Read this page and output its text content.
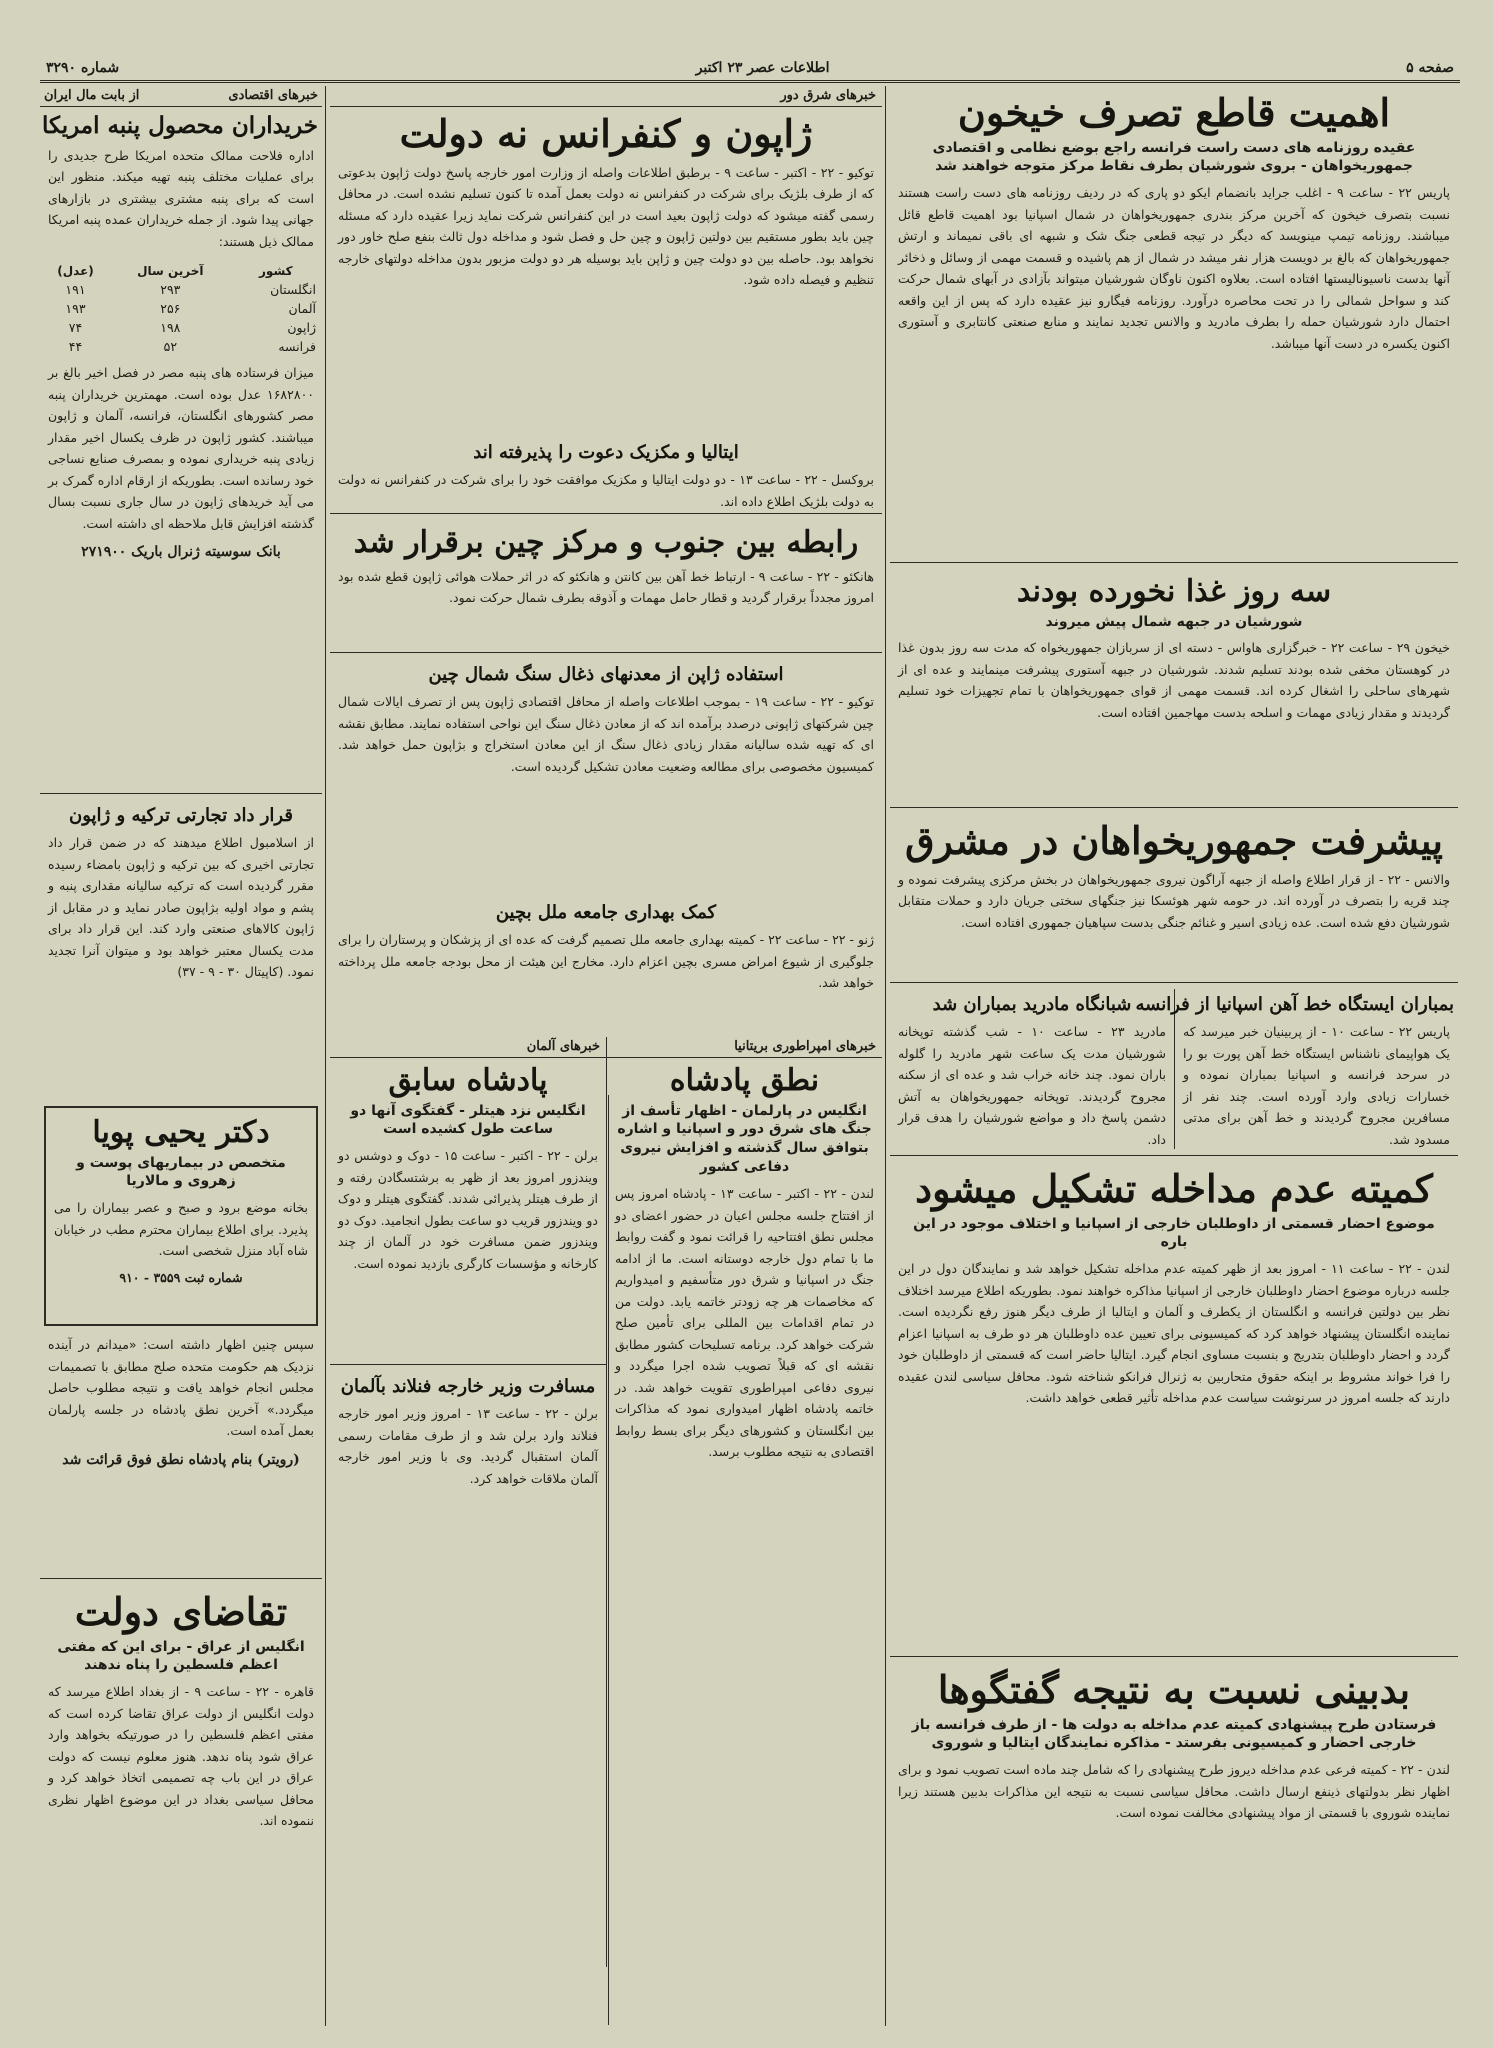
صفحه ۵
اطلاعات عصر ۲۳ اکتبر
شماره ۳۲۹۰
اهمیت قاطع تصرف خیخون
عقیده روزنامه های دست راست فرانسه راجع بوضع نظامی و اقتصادی جمهوریخواهان - بروی شورشیان بطرف نقاط مرکز متوجه خواهند شد
پاریس ۲۲ - ساعت ۹ - اغلب جراید بانضمام ایکو دو پاری که در ردیف روزنامه های دست راست هستند نسبت بتصرف خیخون که آخرین مرکز بندری جمهوریخواهان در شمال اسپانیا بود اهمیت قاطع قائل میباشند. روزنامه تیمپ مینویسد که دیگر در تیجه قطعی جنگ شک و شبهه ای باقی نمیماند و ارتش جمهوریخواهان که بالغ بر دویست هزار نفر میشد در شمال از هم پاشیده و قسمت مهمی از وسائل و ذخائر آنها بدست ناسیونالیستها افتاده است. بعلاوه اکنون ناوگان شورشیان میتواند بآزادی در آبهای شمال حرکت کند و سواحل شمالی را در تحت محاصره درآورد. روزنامه فیگارو نیز عقیده دارد که پس از این واقعه احتمال دارد شورشیان حمله را بطرف مادرید و والانس تجدید نمایند و منابع صنعتی کانتابری و آستوری اکنون یکسره در دست آنها میباشد.
سه روز غذا نخورده بودند
شورشیان در جبهه شمال پیش میروند
خیخون ۲۹ - ساعت ۲۲ - خبرگزاری هاواس - دسته ای از سربازان جمهوریخواه که مدت سه روز بدون غذا در کوهستان مخفی شده بودند تسلیم شدند. شورشیان در جبهه آستوری پیشرفت مینمایند و عده ای از شهرهای ساحلی را اشغال کرده اند. قسمت مهمی از قوای جمهوریخواهان با تمام تجهیزات خود تسلیم گردیدند و مقدار زیادی مهمات و اسلحه بدست مهاجمین افتاده است.
پیشرفت جمهوریخواهان در مشرق
والانس - ۲۲ - از قرار اطلاع واصله از جبهه آراگون نیروی جمهوریخواهان در بخش مرکزی پیشرفت نموده و چند قریه را بتصرف در آورده اند. در حومه شهر هوئسکا نیز جنگهای سختی جریان دارد و حملات متقابل شورشیان دفع شده است. عده زیادی اسیر و غنائم جنگی بدست سپاهیان جمهوری افتاده است.
بمباران ایستگاه خط آهن اسپانیا از فرانسه
پاریس ۲۲ - ساعت ۱۰ - از پربینیان خبر میرسد که یک هواپیمای ناشناس ایستگاه خط آهن پورت بو را در سرحد فرانسه و اسپانیا بمباران نموده و خسارات زیادی وارد آورده است. چند نفر از مسافرین مجروح گردیدند و خط آهن برای مدتی مسدود شد.
شبانگاه مادرید بمباران شد
مادرید ۲۳ - ساعت ۱۰ - شب گذشته توپخانه شورشیان مدت یک ساعت شهر مادرید را گلوله باران نمود. چند خانه خراب شد و عده ای از سکنه مجروح گردیدند. توپخانه جمهوریخواهان به آتش دشمن پاسخ داد و مواضع شورشیان را هدف قرار داد.
کمیته عدم مداخله تشکیل میشود
موضوع احضار قسمتی از داوطلبان خارجی از اسپانیا و اختلاف موجود در این باره
لندن - ۲۲ - ساعت ۱۱ - امروز بعد از ظهر کمیته عدم مداخله تشکیل خواهد شد و نمایندگان دول در این جلسه درباره موضوع احضار داوطلبان خارجی از اسپانیا مذاکره خواهند نمود. بطوریکه اطلاع میرسد اختلاف نظر بین دولتین فرانسه و انگلستان از یکطرف و آلمان و ایتالیا از طرف دیگر هنوز رفع نگردیده است. نماینده انگلستان پیشنهاد خواهد کرد که کمیسیونی برای تعیین عده داوطلبان هر دو طرف به اسپانیا اعزام گردد و احضار داوطلبان بتدریج و بنسبت مساوی انجام گیرد. ایتالیا حاضر است که قسمتی از داوطلبان خود را فرا خواند مشروط بر اینکه حقوق متحاربین به ژنرال فرانکو شناخته شود. محافل سیاسی لندن عقیده دارند که جلسه امروز در سرنوشت سیاست عدم مداخله تأثیر قطعی خواهد داشت.
بدبینی نسبت به نتیجه گفتگوها
فرستادن طرح پیشنهادی کمیته عدم مداخله به دولت ها - از طرف فرانسه باز خارجی احضار و کمیسیونی بفرستد - مذاکره نمایندگان ایتالیا و شوروی
لندن - ۲۲ - کمیته فرعی عدم مداخله دیروز طرح پیشنهادی را که شامل چند ماده است تصویب نمود و برای اظهار نظر بدولتهای ذینفع ارسال داشت. محافل سیاسی نسبت به نتیجه این مذاکرات بدبین هستند زیرا نماینده شوروی با قسمتی از مواد پیشنهادی مخالفت نموده است.
خبرهای شرق دور
ژاپون و کنفرانس نه دولت
توکیو - ۲۲ - اکتبر - ساعت ۹ - برطبق اطلاعات واصله از وزارت امور خارجه پاسخ دولت ژاپون بدعوتی که از طرف بلژیک برای شرکت در کنفرانس نه دولت بعمل آمده تا کنون تسلیم نشده است. در محافل رسمی گفته میشود که دولت ژاپون بعید است در این کنفرانس شرکت نماید زیرا عقیده دارد که مسئله چین باید بطور مستقیم بین دولتین ژاپون و چین حل و فصل شود و مداخله دول ثالث بنفع صلح خاور دور نخواهد بود. حاصله بین دو دولت چین و ژاپن باید بوسیله هر دو دولت مزبور بدون مداخله دولتهای خارجه تنظیم و فیصله داده شود.
ایتالیا و مکزیک دعوت را پذیرفته اند
بروکسل - ۲۲ - ساعت ۱۳ - دو دولت ایتالیا و مکزیک موافقت خود را برای شرکت در کنفرانس نه دولت به دولت بلژیک اطلاع داده اند.
رابطه بین جنوب و مرکز چین برقرار شد
هانکئو - ۲۲ - ساعت ۹ - ارتباط خط آهن بین کانتن و هانکئو که در اثر حملات هوائی ژاپون قطع شده بود امروز مجدداً برقرار گردید و قطار حامل مهمات و آذوقه بطرف شمال حرکت نمود.
استفاده ژاپن از معدنهای ذغال سنگ شمال چین
توکیو - ۲۲ - ساعت ۱۹ - بموجب اطلاعات واصله از محافل اقتصادی ژاپون پس از تصرف ایالات شمال چین شرکتهای ژاپونی درصدد برآمده اند که از معادن ذغال سنگ این نواحی استفاده نمایند. مطابق نقشه ای که تهیه شده سالیانه مقدار زیادی ذغال سنگ از این معادن استخراج و بژاپون حمل خواهد شد. کمیسیون مخصوصی برای مطالعه وضعیت معادن تشکیل گردیده است.
کمک بهداری جامعه ملل بچین
ژنو - ۲۲ - ساعت ۲۲ - کمیته بهداری جامعه ملل تصمیم گرفت که عده ای از پزشکان و پرستاران را برای جلوگیری از شیوع امراض مسری بچین اعزام دارد. مخارج این هیئت از محل بودجه جامعه ملل پرداخته خواهد شد.
خبرهای امپراطوری بریتانیا
نطق پادشاه
انگلیس در پارلمان - اظهار تأسف از جنگ های شرق دور و اسپانیا و اشاره بتوافق سال گذشته و افزایش نیروی دفاعی کشور
لندن - ۲۲ - اکتبر - ساعت ۱۳ - پادشاه امروز پس از افتتاح جلسه مجلس اعیان در حضور اعضای دو مجلس نطق افتتاحیه را قرائت نمود و گفت روابط ما با تمام دول خارجه دوستانه است. ما از ادامه جنگ در اسپانیا و شرق دور متأسفیم و امیدواریم که مخاصمات هر چه زودتر خاتمه یابد. دولت من در تمام اقدامات بین المللی برای تأمین صلح شرکت خواهد کرد. برنامه تسلیحات کشور مطابق نقشه ای که قبلاً تصویب شده اجرا میگردد و نیروی دفاعی امپراطوری تقویت خواهد شد. در خاتمه پادشاه اظهار امیدواری نمود که مذاکرات بین انگلستان و کشورهای دیگر برای بسط روابط اقتصادی به نتیجه مطلوب برسد.
خبرهای آلمان
پادشاه سابق
انگلیس نزد هیتلر - گفتگوی آنها دو ساعت طول کشیده است
برلن - ۲۲ - اکتبر - ساعت ۱۵ - دوک و دوشس دو ویندزور امروز بعد از ظهر به برشتسگادن رفته و از طرف هیتلر پذیرائی شدند. گفتگوی هیتلر و دوک دو ویندزور قریب دو ساعت بطول انجامید. دوک دو ویندزور ضمن مسافرت خود در آلمان از چند کارخانه و مؤسسات کارگری بازدید نموده است.
مسافرت وزیر خارجه فنلاند بآلمان
برلن - ۲۲ - ساعت ۱۳ - امروز وزیر امور خارجه فنلاند وارد برلن شد و از طرف مقامات رسمی آلمان استقبال گردید. وی با وزیر امور خارجه آلمان ملاقات خواهد کرد.
خبرهای اقتصادی
از بابت مال ایران
خریداران محصول پنبه امریکا
اداره فلاحت ممالک متحده امریکا طرح جدیدی را برای عملیات مختلف پنبه تهیه میکند. منظور این است که برای پنبه مشتری بیشتری در بازارهای جهانی پیدا شود. از جمله خریداران عمده پنبه امریکا ممالک ذیل هستند:
کشور	آخرین سال	(عدل)
انگلستان	۲۹۳	۱۹۱
آلمان	۲۵۶	۱۹۳
ژاپون	۱۹۸	۷۴
فرانسه	۵۲	۴۴
میزان فرستاده های پنبه مصر در فصل اخیر بالغ بر ۱۶۸۲۸۰۰ عدل بوده است. مهمترین خریداران پنبه مصر کشورهای انگلستان، فرانسه، آلمان و ژاپون میباشند. کشور ژاپون در ظرف یکسال اخیر مقدار زیادی پنبه خریداری نموده و بمصرف صنایع نساجی خود رسانده است. بطوریکه از ارقام اداره گمرک بر می آید خریدهای ژاپون در سال جاری نسبت بسال گذشته افزایش قابل ملاحظه ای داشته است.
بانک سوسیته ژنرال باریک ۲۷۱۹۰۰
قرار داد تجارتی ترکیه و ژاپون
از اسلامبول اطلاع میدهند که در ضمن قرار داد تجارتی اخیری که بین ترکیه و ژاپون بامضاء رسیده مقرر گردیده است که ترکیه سالیانه مقداری پنبه و پشم و مواد اولیه بژاپون صادر نماید و در مقابل از ژاپون کالاهای صنعتی وارد کند. این قرار داد برای مدت یکسال معتبر خواهد بود و میتوان آنرا تجدید نمود. (کاپیتال ۳۰ - ۹ - ۳۷)
دکتر یحیی پویا
متخصص در بیماریهای پوست و زهروی و مالاریا
بخانه موضع برود و صبح و عصر بیماران را می پذیرد. برای اطلاع بیماران محترم مطب در خیابان شاه آباد منزل شخصی است.
شماره ثبت ۳۵۵۹ - ۹۱۰
سپس چنین اظهار داشته است: «میدانم در آینده نزدیک هم حکومت متحده صلح مطابق با تصمیمات مجلس انجام خواهد یافت و نتیجه مطلوب حاصل میگردد.» آخرین نطق پادشاه در جلسه پارلمان بعمل آمده است.
(رویتر) بنام پادشاه نطق فوق قرائت شد
تقاضای دولت
انگلیس از عراق - برای این که مفتی اعظم فلسطین را پناه ندهند
قاهره - ۲۲ - ساعت ۹ - از بغداد اطلاع میرسد که دولت انگلیس از دولت عراق تقاضا کرده است که مفتی اعظم فلسطین را در صورتیکه بخواهد وارد عراق شود پناه ندهد. هنوز معلوم نیست که دولت عراق در این باب چه تصمیمی اتخاذ خواهد کرد و محافل سیاسی بغداد در این موضوع اظهار نظری ننموده اند.
